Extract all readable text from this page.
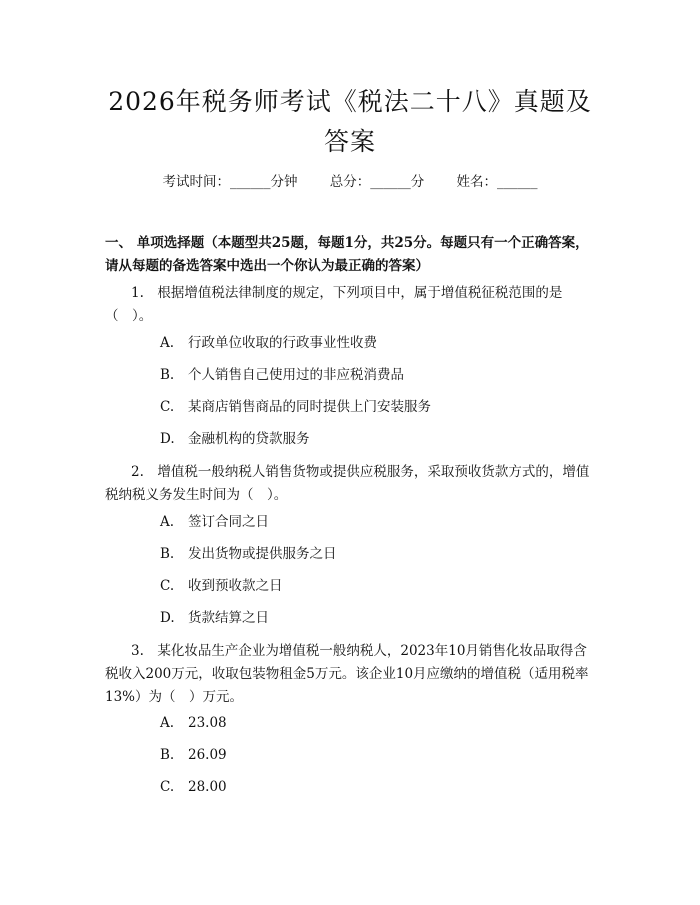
2026年税务师考试《税法二十八》真题及答案
考试时间：______分钟 总分：______分 姓名：______
一、 单项选择题（本题型共25题，每题1分，共25分。每题只有一个正确答案，请从每题的备选答案中选出一个你认为最正确的答案）
1.　根据增值税法律制度的规定，下列项目中，属于增值税征税范围的是（　）。
A. 行政单位收取的行政事业性收费
B. 个人销售自己使用过的非应税消费品
C. 某商店销售商品的同时提供上门安装服务
D. 金融机构的贷款服务
2.　增值税一般纳税人销售货物或提供应税服务，采取预收货款方式的，增值税纳税义务发生时间为（　）。
A. 签订合同之日
B. 发出货物或提供服务之日
C. 收到预收款之日
D. 货款结算之日
3.　某化妆品生产企业为增值税一般纳税人，2023年10月销售化妆品取得含税收入200万元，收取包装物租金5万元。该企业10月应缴纳的增值税（适用税率13%）为（　）万元。
A. 23.08
B. 26.09
C. 28.00
